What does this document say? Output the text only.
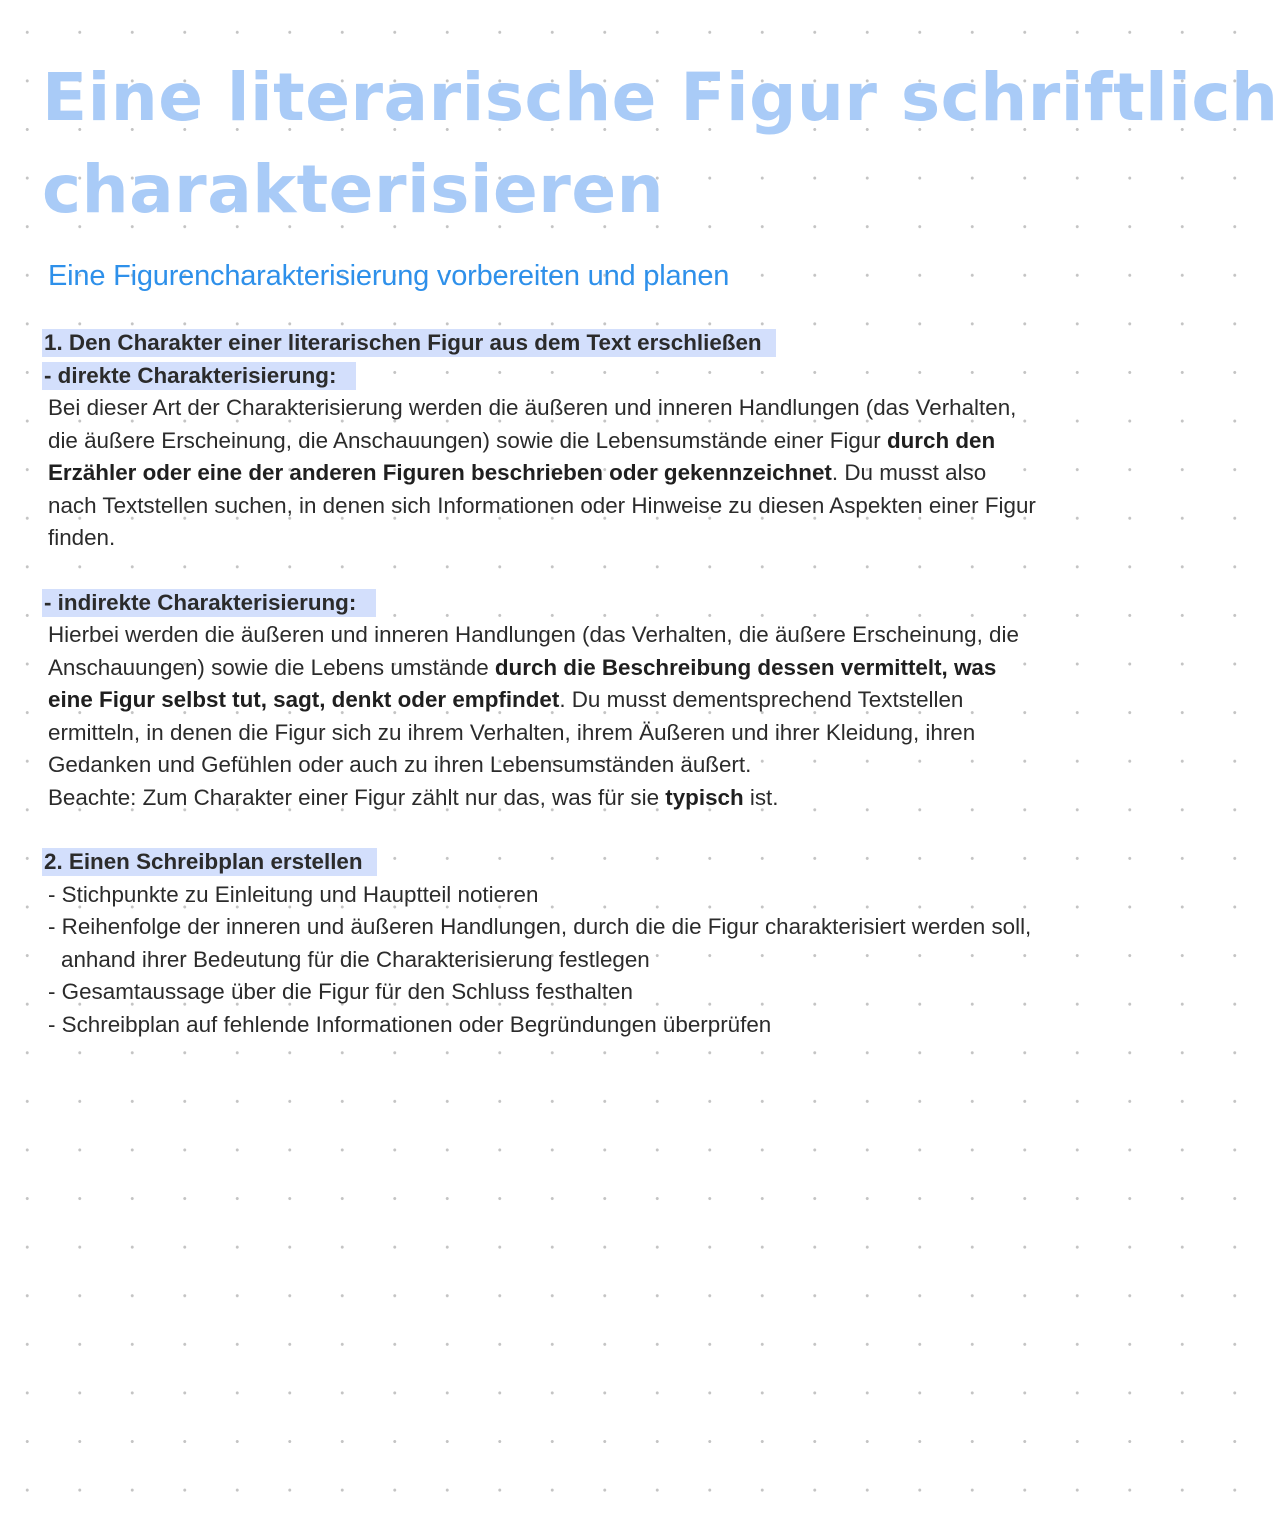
Eine literarische Figur schriftlich
charakterisieren
Eine Figurencharakterisierung vorbereiten und planen
1. Den Charakter einer literarischen Figur aus dem Text erschließen
- direkte Charakterisierung:

Bei dieser Art der Charakterisierung werden die äußeren und inneren Handlungen (das Verhalten, die äußere Erscheinung, die Anschauungen) sowie die Lebensumstände einer Figur durch den Erzähler oder eine der anderen Figuren beschrieben oder gekennzeichnet. Du musst also nach Textstellen suchen, in denen sich Informationen oder Hinweise zu diesen Aspekten einer Figur finden.

- indirekte Charakterisierung:

Hierbei werden die äußeren und inneren Handlungen (das Verhalten, die äußere Erscheinung, die Anschauungen) sowie die Lebens umstände durch die Beschreibung dessen vermittelt, was eine Figur selbst tut, sagt, denkt oder empfindet. Du musst dementsprechend Textstellen ermitteln, in denen die Figur sich zu ihrem Verhalten, ihrem Äußeren und ihrer Kleidung, ihren Gedanken und Gefühlen oder auch zu ihren Lebensumständen äußert.

Beachte: Zum Charakter einer Figur zählt nur das, was für sie typisch ist.

2. Einen Schreibplan erstellen

- Stichpunkte zu Einleitung und Hauptteil notieren

- Reihenfolge der inneren und äußeren Handlungen, durch die die Figur charakterisiert werden soll, anhand ihrer Bedeutung für die Charakterisierung festlegen

- Gesamtaussage über die Figur für den Schluss festhalten

- Schreibplan auf fehlende Informationen oder Begründungen überprüfen
